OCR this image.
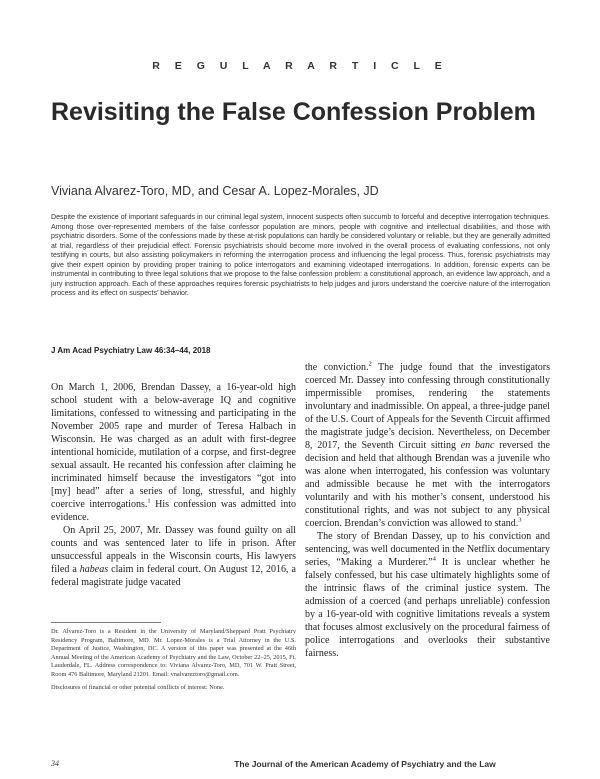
R E G U L A R A R T I C L E
Revisiting the False Confession Problem
Viviana Alvarez-Toro, MD, and Cesar A. Lopez-Morales, JD

Despite the existence of important safeguards in our criminal legal system, innocent suspects often succumb to forceful and deceptive interrogation techniques. Among those over-represented members of the false confessor population are minors, people with cognitive and intellectual disabilities, and those with psychiatric disorders. Some of the confessions made by these at-risk populations can hardly be considered voluntary or reliable, but they are generally admitted at trial, regardless of their prejudicial effect. Forensic psychiatrists should become more involved in the overall process of evaluating confessions, not only testifying in courts, but also assisting policymakers in reforming the interrogation process and influencing the legal process. Thus, forensic psychiatrists may give their expert opinion by providing proper training to police interrogators and examining videotaped interrogations. In addition, forensic experts can be instrumental in contributing to three legal solutions that we propose to the false confession problem: a constitutional approach, an evidence law approach, and a jury instruction approach. Each of these approaches requires forensic psychiatrists to help judges and jurors understand the coercive nature of the interrogation process and its effect on suspects’ behavior.

J Am Acad Psychiatry Law 46:34–44, 2018

On March 1, 2006, Brendan Dassey, a 16-year-old high school student with a below-average IQ and cognitive limitations, confessed to witnessing and participating in the November 2005 rape and murder of Teresa Halbach in Wisconsin. He was charged as an adult with first-degree intentional homicide, mutilation of a corpse, and first-degree sexual assault. He recanted his confession after claiming he incriminated himself because the investigators “got into [my] head” after a series of long, stressful, and highly coercive interrogations.$^1$ His confession was admitted into evidence.

On April 25, 2007, Mr. Dassey was found guilty on all counts and was sentenced later to life in prison. After unsuccessful appeals in the Wisconsin courts, His lawyers filed a habeas claim in federal court. On August 12, 2016, a federal magistrate judge vacated

the conviction.$^2$ The judge found that the investigators coerced Mr. Dassey into confessing through constitutionally impermissible promises, rendering the statements involuntary and inadmissible. On appeal, a three-judge panel of the U.S. Court of Appeals for the Seventh Circuit affirmed the magistrate judge’s decision. Nevertheless, on December 8, 2017, the Seventh Circuit sitting en banc reversed the decision and held that although Brendan was a juvenile who was alone when interrogated, his confession was voluntary and admissible because he met with the interrogators voluntarily and with his mother’s consent, understood his constitutional rights, and was not subject to any physical coercion. Brendan’s conviction was allowed to stand.$^3$

The story of Brendan Dassey, up to his conviction and sentencing, was well documented in the Netflix documentary series, “Making a Murderer.”$^4$ It is unclear whether he falsely confessed, but his case ultimately highlights some of the intrinsic flaws of the criminal justice system. The admission of a coerced (and perhaps unreliable) confession by a 16-year-old with cognitive limitations reveals a system that focuses almost exclusively on the procedural fairness of police interrogations and overlooks their substantive fairness.

Dr. Alvarez-Toro is a Resident in the University of Maryland/Sheppard Pratt Psychiatry Residency Program, Baltimore, MD. Mr. Lopez-Morales is a Trial Attorney in the U.S. Department of Justice, Washington, DC. A version of this paper was presented at the 46th Annual Meeting of the American Academy of Psychiatry and the Law, October 22–25, 2015, Ft. Lauderdale, FL. Address correspondence to: Viviana Alvarez-Toro, MD, 701 W. Pratt Street, Room 476 Baltimore, Maryland 21201. Email: vnalvareztoro@gmail.com.

Disclosures of financial or other potential conflicts of interest: None.

34	The Journal of the American Academy of Psychiatry and the Law
